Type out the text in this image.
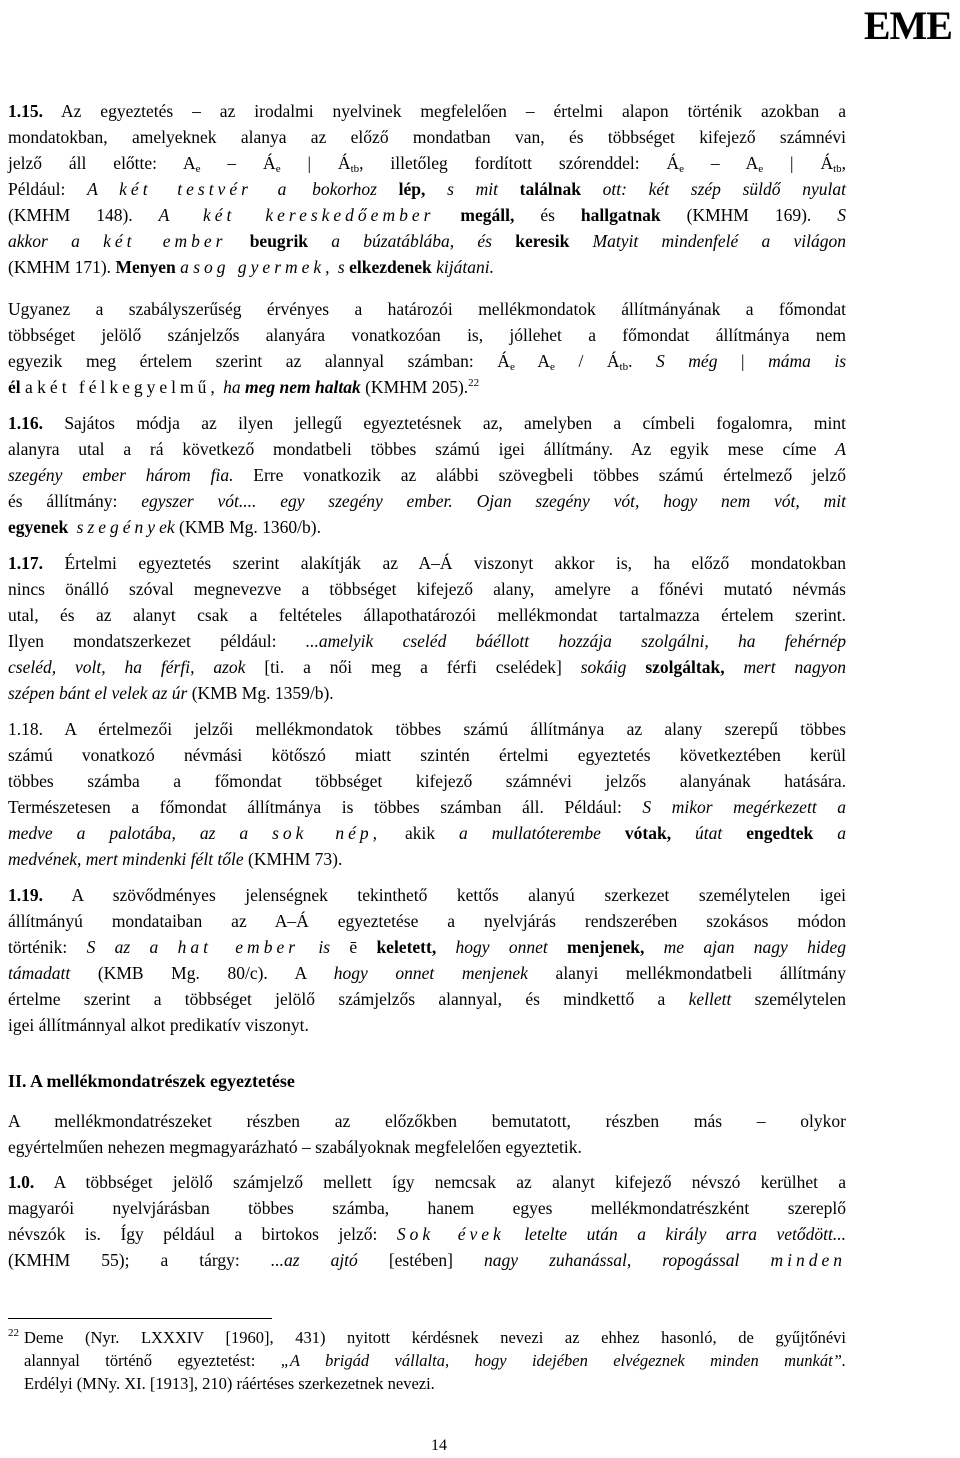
EME
1.15. Az egyeztetés – az irodalmi nyelvinek megfelelően – értelmi alapon történik azokban a
mondatokban, amelyeknek alanya az előző mondatban van, és többséget kifejező számnévi
jelző áll előtte: $A_e$ – $Á_e$ | $Á_{tb}$, illetőleg fordított szórenddel: $Á_e - A_e$ | $Á_{tb}$,
Például: A két testvér a bokorhoz lép, s mit találnak ott: két szép süldő nyulat
(KMHM 148). A két kereskedőember megáll, és hallgatnak (KMHM 169). S
akkor a két ember beugrik a búzatáblába, és keresik Matyit mindenfelé a világon
(KMHM 171). Menyen a sog gyermek, s elkezdenek kijátani.
Ugyanez a szabályszerűség érvényes a határozói mellékmondatok állítmányának a főmondat
többséget jelölő szánjelzős alanyára vonatkozóan is, jóllehet a főmondat állítmánya nem
egyezik meg értelem szerint az alannyal számban: $Á_e$ $A_e$ / $Á_{tb}$. S még | mámа is
él a két félkegyelmű, ha meg nem haltak (KMHM 205).$^{22}$
1.16. Sajátos módja az ilyen jellegű egyeztetésnek az, amelyben a címbeli fogalomra, mint
alanyra utal a rá következő mondatbeli többes számú igei állítmány. Az egyik mese címe A
szegény ember három fia. Erre vonatkozik az alábbi szövegbeli többes számú értelmező jelző
és állítmány: egyszer vót.... egy szegény ember. Ojan szegény vót, hogy nem vót, mit
egyenek szegények (KMB Mg. 1360/b).
1.17. Értelmi egyeztetés szerint alakítják az A–Á viszonyt akkor is, ha előző mondatokban
nincs önálló szóval megnevezve a többséget kifejező alany, amelyre a főnévi mutató névmás
utal, és az alanyt csak a feltételes állapothatározói mellékmondat tartalmazza értelem szerint.
Ilyen mondatszerkezet például: ...amelyik cseléd báéllott hozzája szolgálni, ha fehérnép
cseléd, volt, ha férfi, azok [ti. a női meg a férfi cselédek] sokáig szolgáltak, mert nagyon
szépen bánt el velek az úr (KMB Mg. 1359/b).
1.18. A értelmezői jelzői mellékmondatok többes számú állítmánya az alany szerepű többes
számú vonatkozó névmási kötőszó miatt szintén értelmi egyeztetés következtében kerül
többes számba a főmondat többséget kifejező számnévi jelzős alanyának hatására.
Természetesen a főmondat állítmánya is többes számban áll. Például: S mikor megérkezett a
medve a palotába, az a sok nép, akik a mullatóterembe vótak, útat engedtek a
medvének, mert mindenki félt tőle (KMHM 73).
1.19. A szövődményes jelenségnek tekinthető kettős alanyú szerkezet személytelen igei
állítmányú mondataiban az A–Á egyeztetése a nyelvjárás rendszerében szokásos módon
történik: S az a hat ember is ē keletett, hogy onnet menjenek, me ajan nagy hideg
támadatt (KMB Mg. 80/c). A hogy onnet menjenek alanyi mellékmondatbeli állítmány
értelme szerint a többséget jelölő számjelzős alannyal, és mindkettő a kellett személytelen
igei állítmánnyal alkot predikatív viszonyt.
II. A mellékmondatrészek egyeztetése
A mellékmondatrészeket részben az előzőkben bemutatott, részben más – olykor
egyértelműen nehezen megmagyarázható – szabályoknak megfelelően egyeztetik.
1.0. A többséget jelölő számjelző mellett így nemcsak az alanyt kifejező névszó kerülhet a
magyarói nyelvjárásban többes számba, hanem egyes mellékmondatrészként szereplő
névszók is. Így például a birtokos jelző: Sok évek letelte után a király arra vetődött...
(KMHM 55); a tárgy: ...az ajtó [estében] nagy zuhanással, ropogással minden
22 Deme (Nyr. LXXXIV [1960], 431) nyitott kérdésnek nevezi az ehhez hasonló, de gyűjtőnévi
alannyal történő egyeztetést: „A brigád vállalta, hogy idejében elvégeznek minden munkát”.
Erdélyi (MNy. XI. [1913], 210) ráértéses szerkezetnek nevezi.
14
